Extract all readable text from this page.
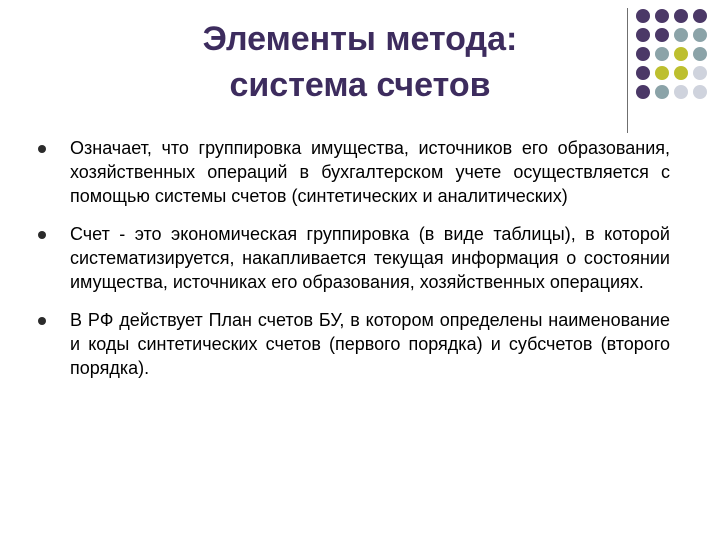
Элементы метода:
система счетов
Означает, что группировка имущества, источников его образования, хозяйственных операций в бухгалтерском учете осуществляется с помощью системы счетов (синтетических и аналитических)
Счет - это экономическая группировка (в виде таблицы), в которой систематизируется, накапливается текущая информация о состоянии имущества, источниках его образования, хозяйственных операциях.
В РФ действует План счетов БУ, в котором определены наименование и коды синтетических счетов (первого порядка) и субсчетов (второго порядка).
